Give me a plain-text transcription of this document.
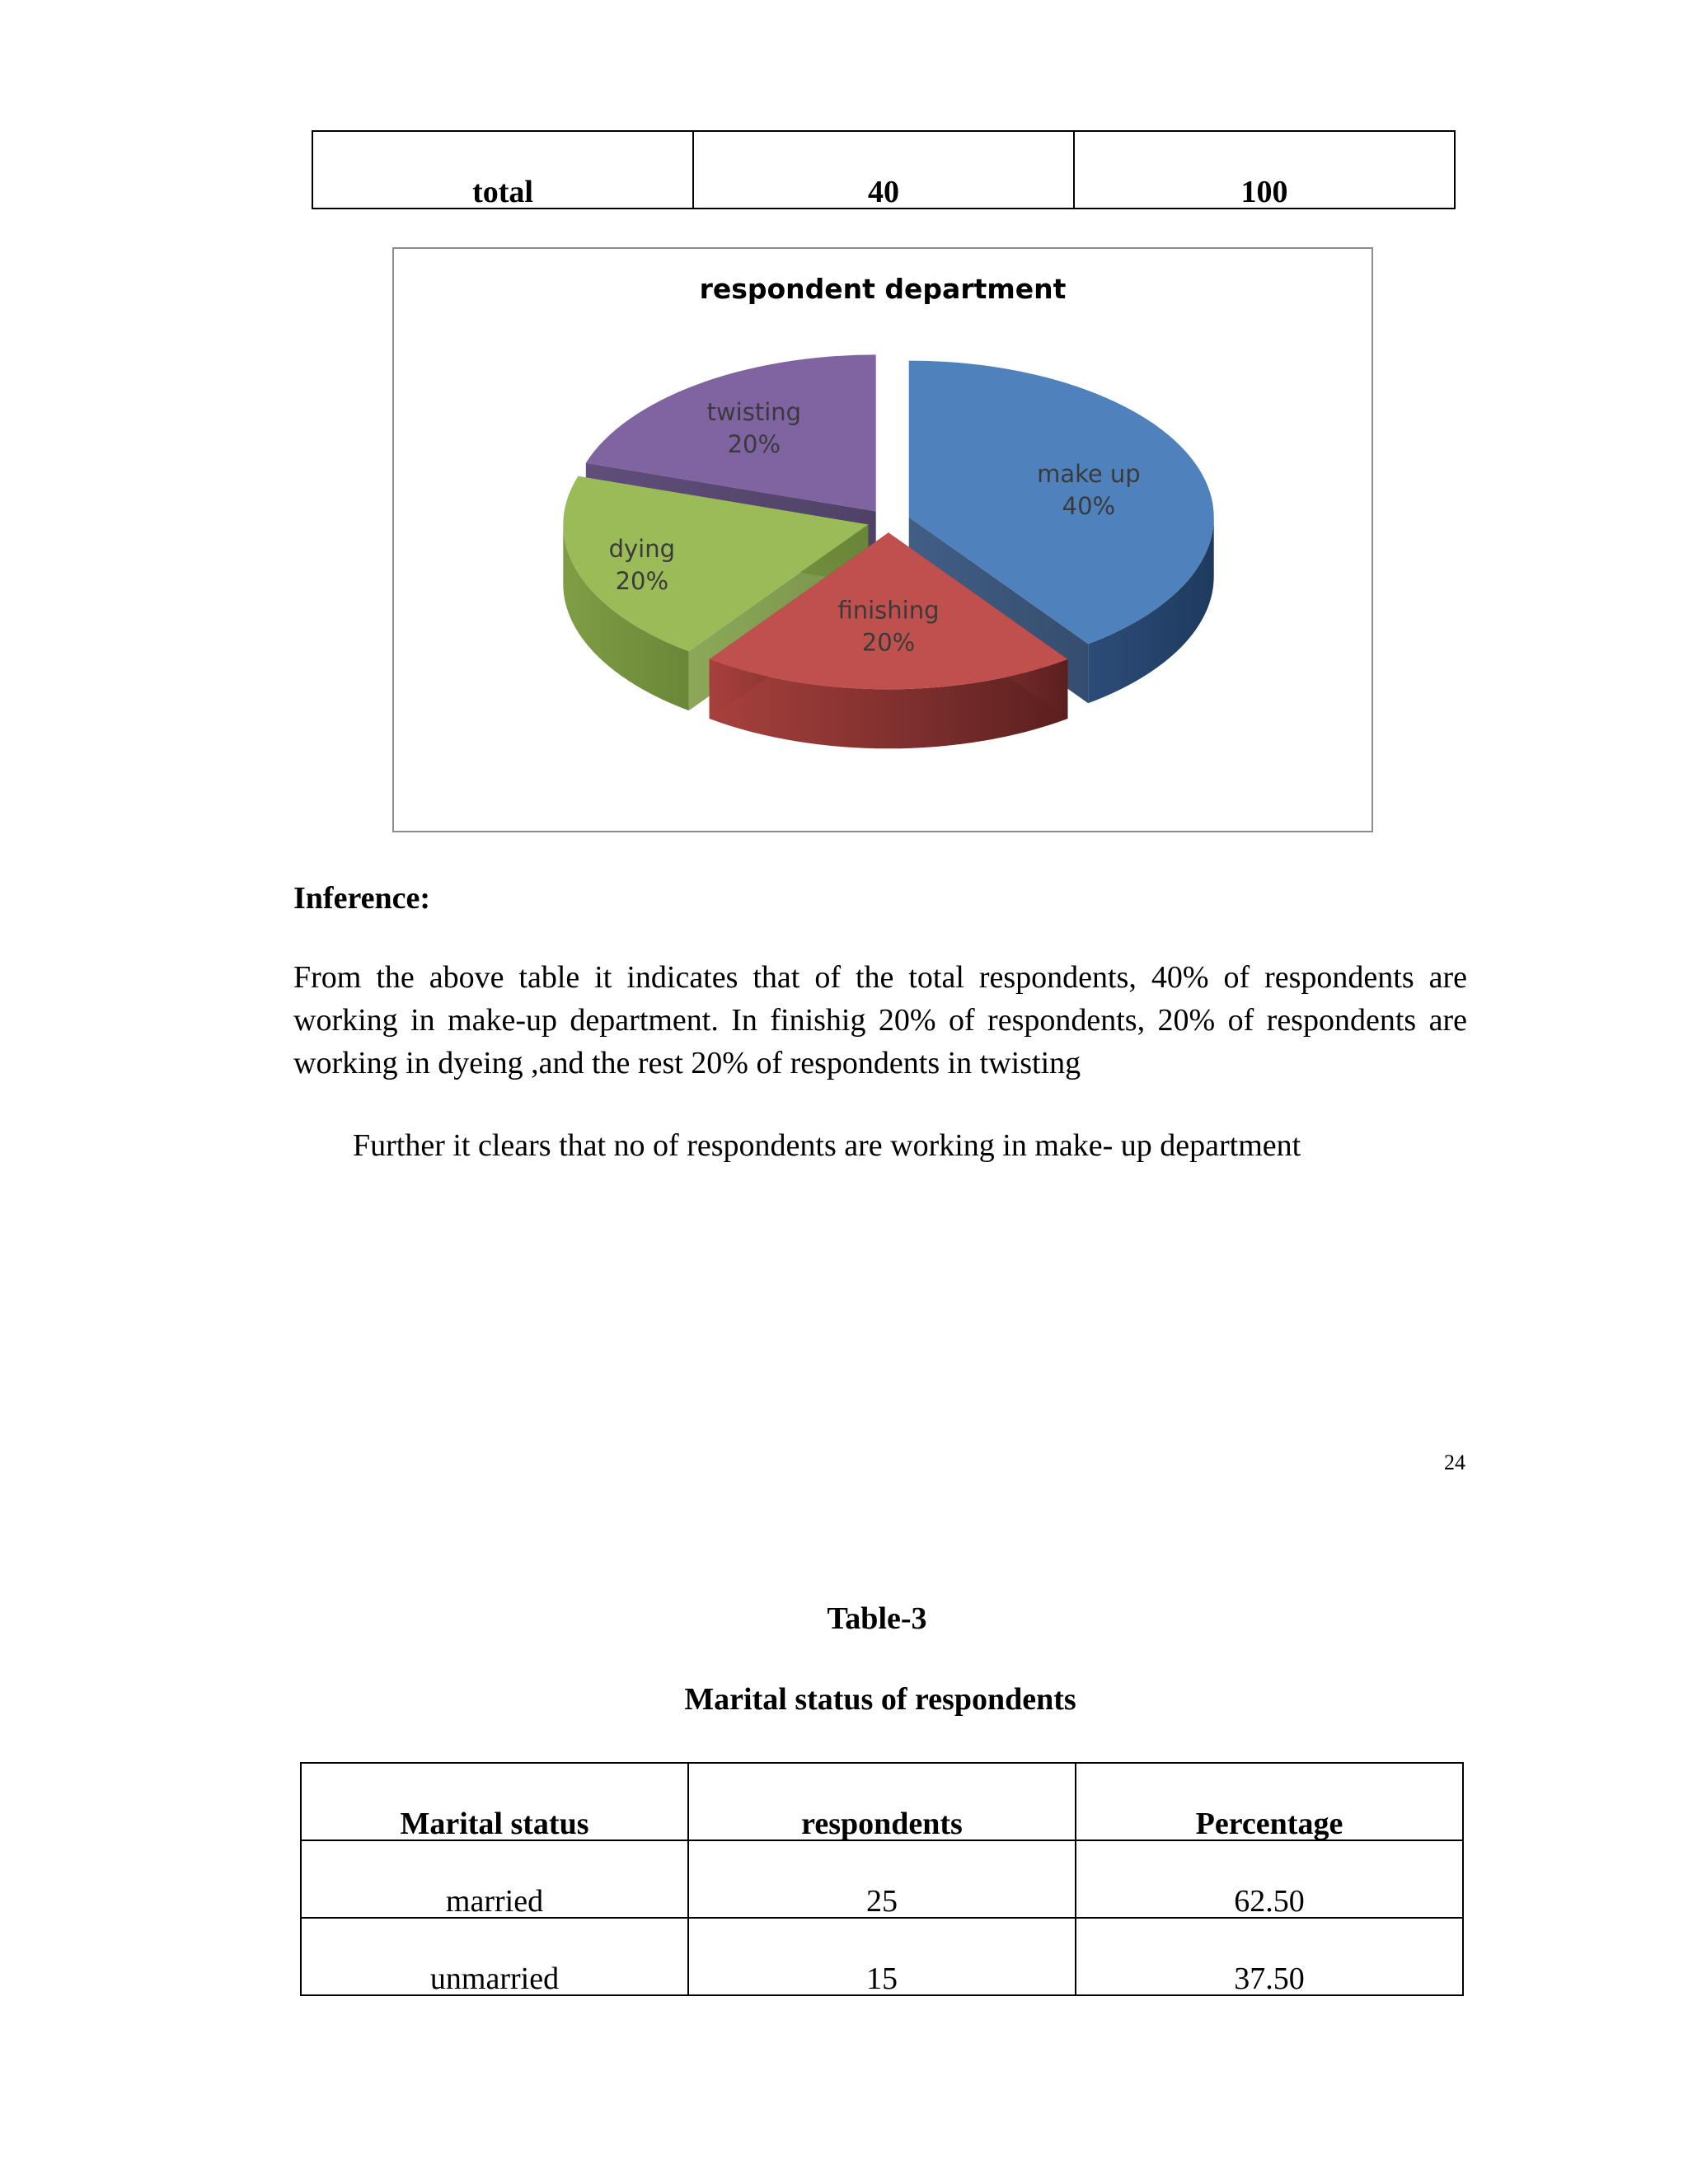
total	40	100
respondent department
twisting
20%
make up
40%
dying
20%
finishing
20%
Inference:
From the above table it indicates that of the total respondents, 40% of respondents are working in make-up department. In finishig 20% of respondents, 20% of respondents are working in dyeing ,and the rest 20% of respondents in twisting
Further it clears that no of respondents are working in make- up department
24
Table-3
Marital status of respondents
Marital status	respondents	Percentage

married	25	62.50

unmarried	15	37.50
